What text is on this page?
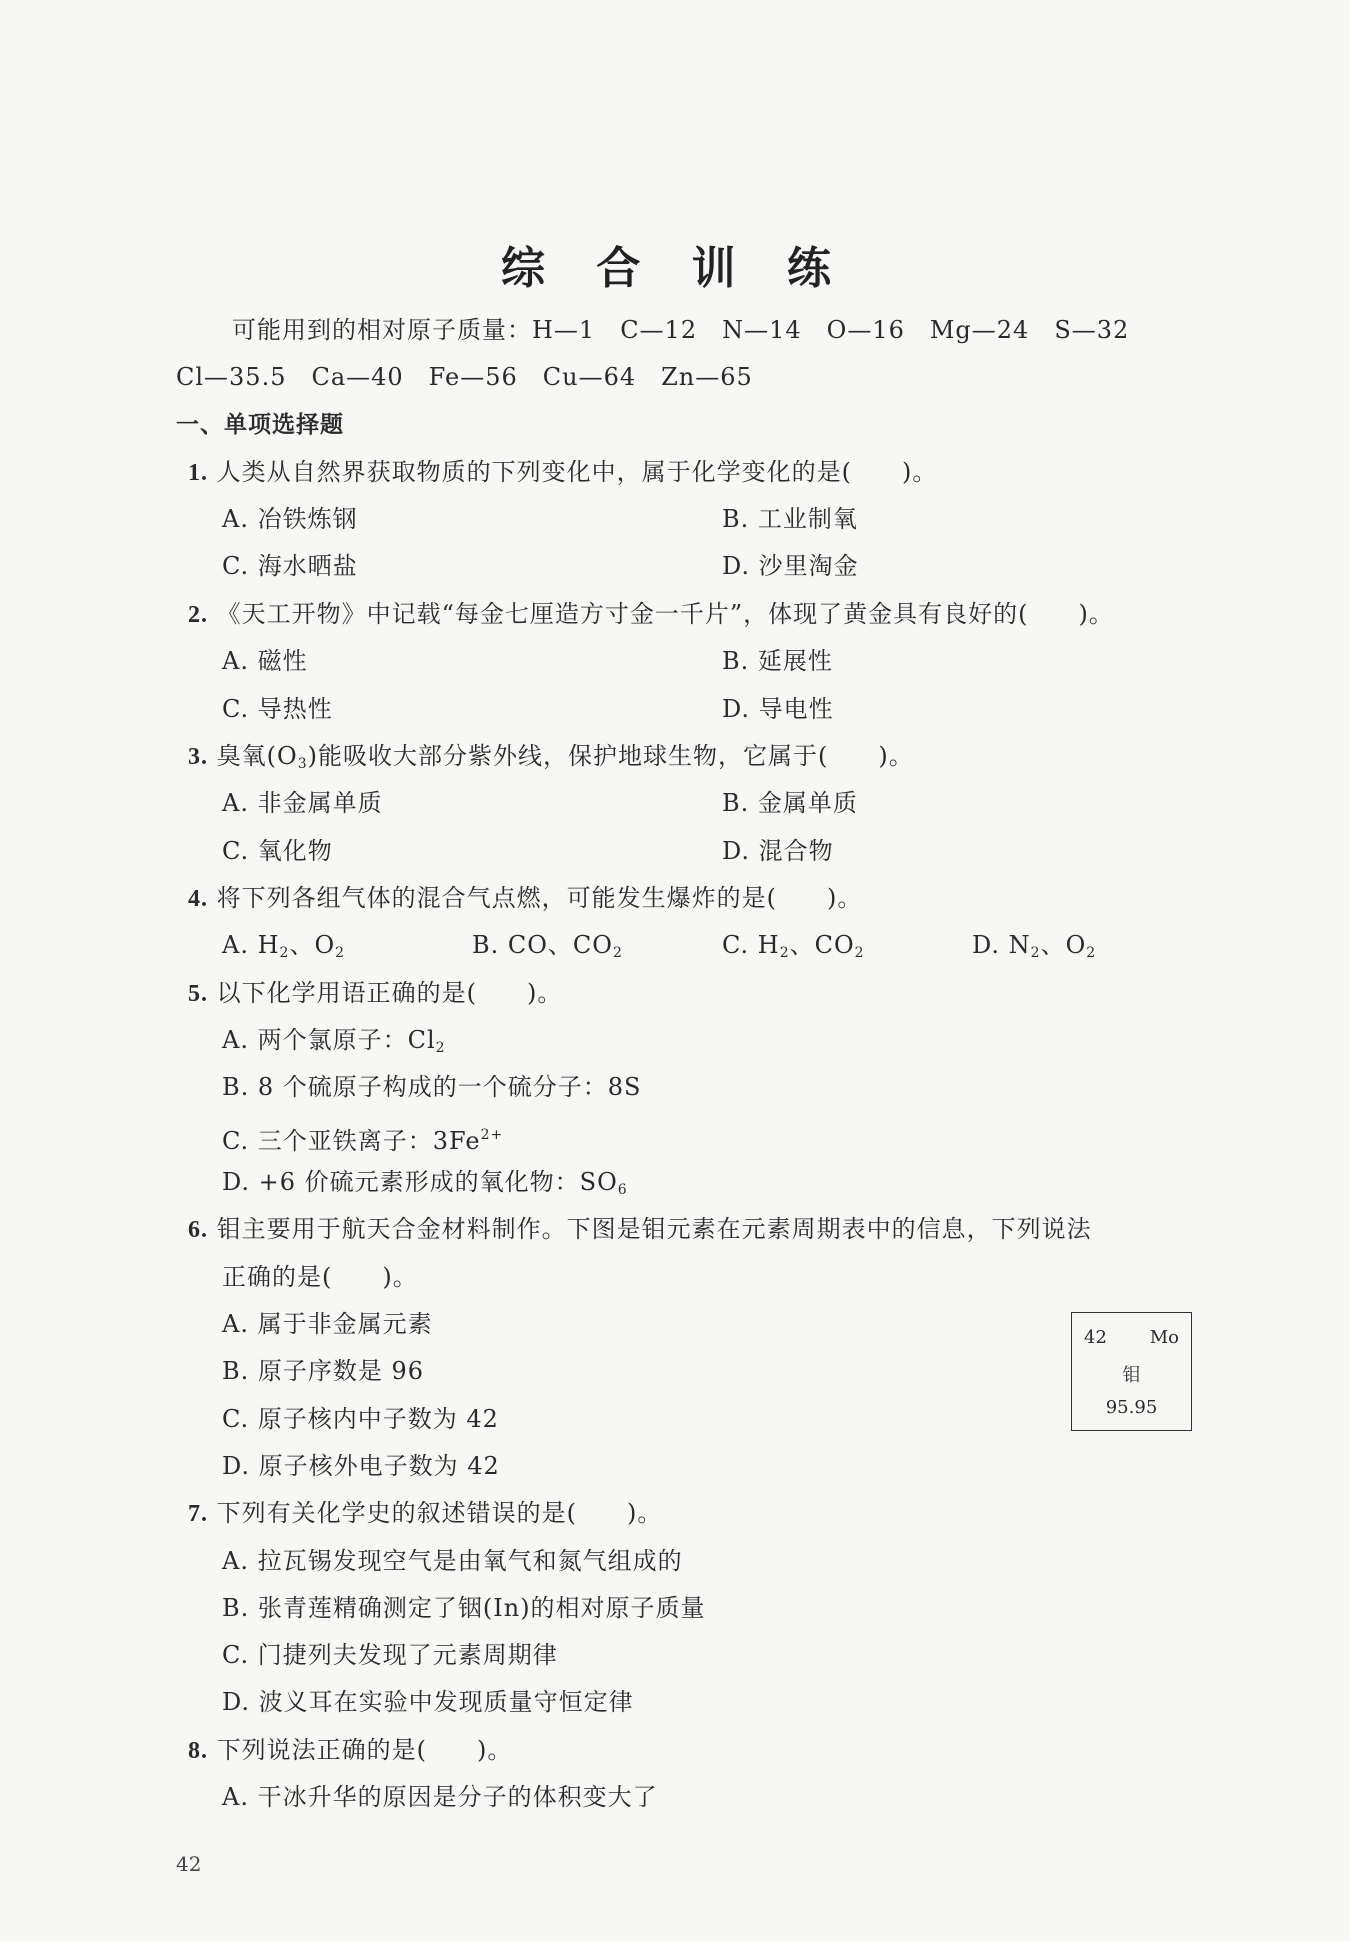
综 合 训 练
可能用到的相对原子质量：H—1　C—12　N—14　O—16　Mg—24　S—32
Cl—35.5　Ca—40　Fe—56　Cu—64　Zn—65
一、单项选择题
1. 人类从自然界获取物质的下列变化中，属于化学变化的是(　　)。
A. 冶铁炼钢	B. 工业制氧
C. 海水晒盐	D. 沙里淘金
2. 《天工开物》中记载“每金七厘造方寸金一千片”，体现了黄金具有良好的(　　)。
A. 磁性	B. 延展性
C. 导热性	D. 导电性
3. 臭氧$(O_3)$能吸收大部分紫外线，保护地球生物，它属于(　　)。
A. 非金属单质	B. 金属单质
C. 氧化物	D. 混合物
4. 将下列各组气体的混合气点燃，可能发生爆炸的是(　　)。
A. $H_2$、$O_2$	B. CO、$CO_2$	C. $H_2$、$CO_2$	D. $N_2$、$O_2$
5. 以下化学用语正确的是(　　)。
A. 两个氯原子：$Cl_2$
B. 8 个硫原子构成的一个硫分子：8S
C. 三个亚铁离子：$3Fe^{2+}$
D. +6 价硫元素形成的氧化物：$SO_6$
6. 钼主要用于航天合金材料制作。下图是钼元素在元素周期表中的信息，下列说法
正确的是(　　)。
A. 属于非金属元素
B. 原子序数是 96
C. 原子核内中子数为 42
D. 原子核外电子数为 42
42 Mo
钼
95.95
7. 下列有关化学史的叙述错误的是(　　)。
A. 拉瓦锡发现空气是由氧气和氮气组成的
B. 张青莲精确测定了铟(In)的相对原子质量
C. 门捷列夫发现了元素周期律
D. 波义耳在实验中发现质量守恒定律
8. 下列说法正确的是(　　)。
A. 干冰升华的原因是分子的体积变大了
42
